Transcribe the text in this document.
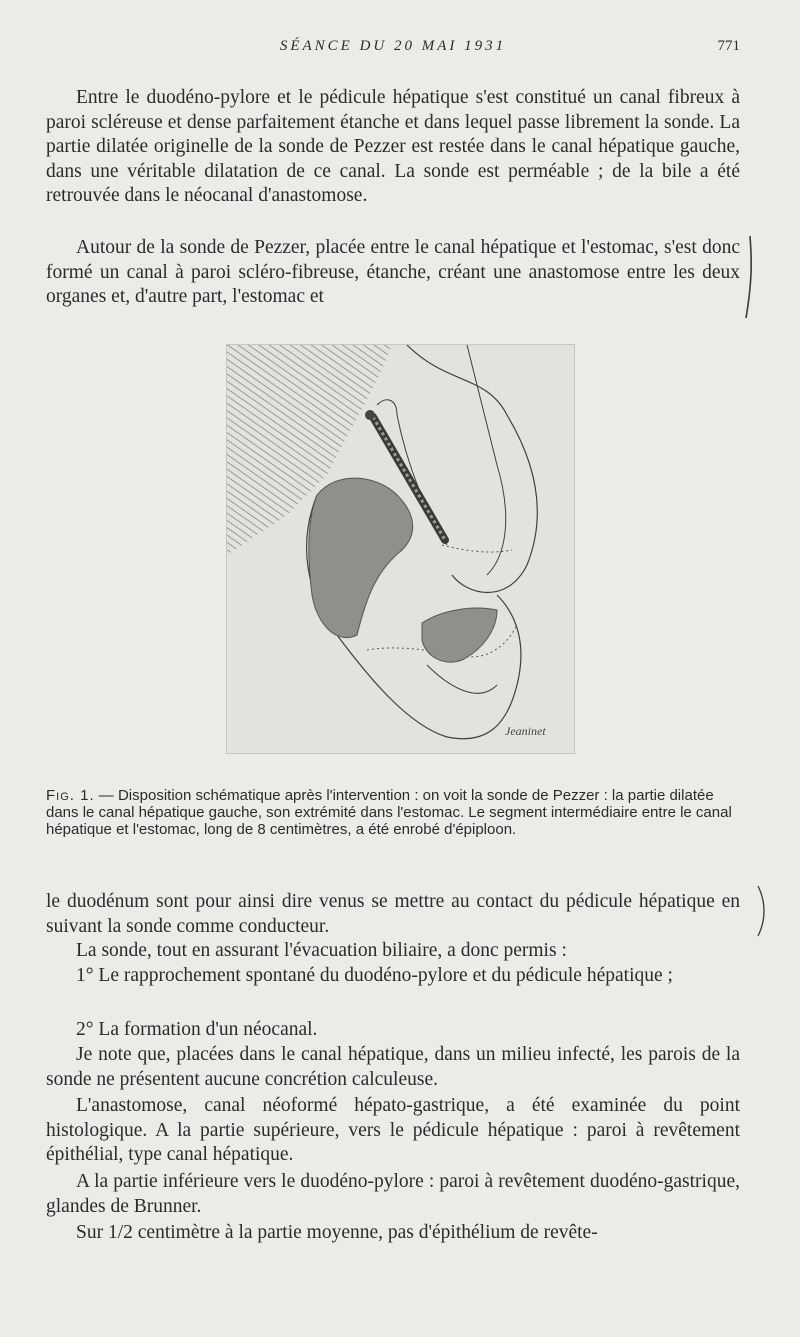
SÉANCE DU 20 MAI 1931	771

Entre le duodéno-pylore et le pédicule hépatique s'est constitué un canal fibreux à paroi scléreuse et dense parfaitement étanche et dans lequel passe librement la sonde. La partie dilatée originelle de la sonde de Pezzer est restée dans le canal hépatique gauche, dans une véritable dilatation de ce canal. La sonde est perméable ; de la bile a été retrouvée dans le néocanal d'anastomose.

Autour de la sonde de Pezzer, placée entre le canal hépatique et l'estomac, s'est donc formé un canal à paroi scléro-fibreuse, étanche, créant une anastomose entre les deux organes et, d'autre part, l'estomac et

Jeaninet

Fig. 1. — Disposition schématique après l'intervention : on voit la sonde de Pezzer : la partie dilatée dans le canal hépatique gauche, son extrémité dans l'estomac. Le segment intermédiaire entre le canal hépatique et l'estomac, long de 8 centimètres, a été enrobé d'épiploon.

le duodénum sont pour ainsi dire venus se mettre au contact du pédicule hépatique en suivant la sonde comme conducteur.

La sonde, tout en assurant l'évacuation biliaire, a donc permis :

1° Le rapprochement spontané du duodéno-pylore et du pédicule hépatique ;

2° La formation d'un néocanal.

Je note que, placées dans le canal hépatique, dans un milieu infecté, les parois de la sonde ne présentent aucune concrétion calculeuse.

L'anastomose, canal néoformé hépato-gastrique, a été examinée du point histologique. A la partie supérieure, vers le pédicule hépatique : paroi à revêtement épithélial, type canal hépatique.

A la partie inférieure vers le duodéno-pylore : paroi à revêtement duodéno-gastrique, glandes de Brunner.

Sur 1/2 centimètre à la partie moyenne, pas d'épithélium de revête-
